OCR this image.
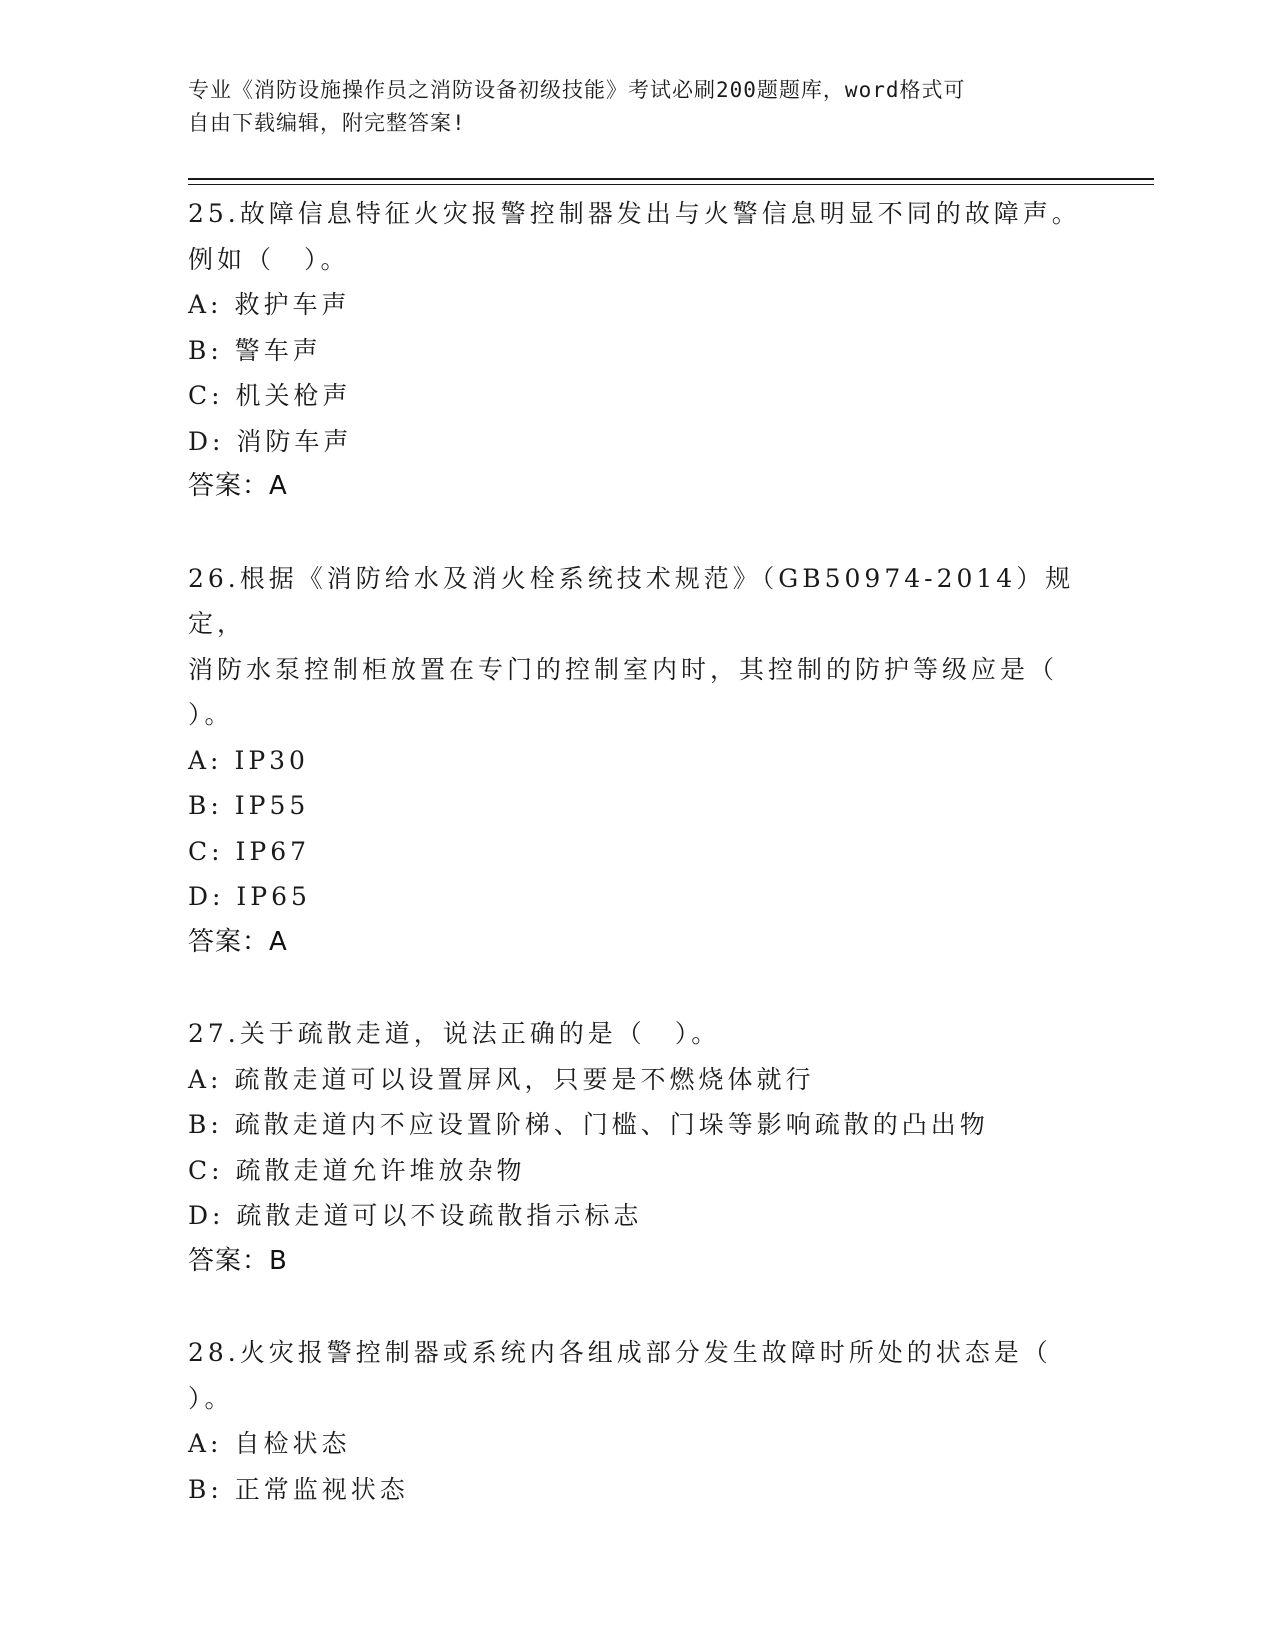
专业《消防设施操作员之消防设备初级技能》考试必刷200题题库，word格式可
自由下载编辑，附完整答案!
25.故障信息特征火灾报警控制器发出与火警信息明显不同的故障声。
例如（　）。
A: 救护车声
B: 警车声
C: 机关枪声
D: 消防车声
答案：A
26.根据《消防给水及消火栓系统技术规范》（GB50974-2014）规定，
消防水泵控制柜放置在专门的控制室内时，其控制的防护等级应是（
）。
A: IP30
B: IP55
C: IP67
D: IP65
答案：A
27.关于疏散走道，说法正确的是（　）。
A: 疏散走道可以设置屏风，只要是不燃烧体就行
B: 疏散走道内不应设置阶梯、门槛、门垛等影响疏散的凸出物
C: 疏散走道允许堆放杂物
D: 疏散走道可以不设疏散指示标志
答案：B
28.火灾报警控制器或系统内各组成部分发生故障时所处的状态是（
）。
A: 自检状态
B: 正常监视状态
